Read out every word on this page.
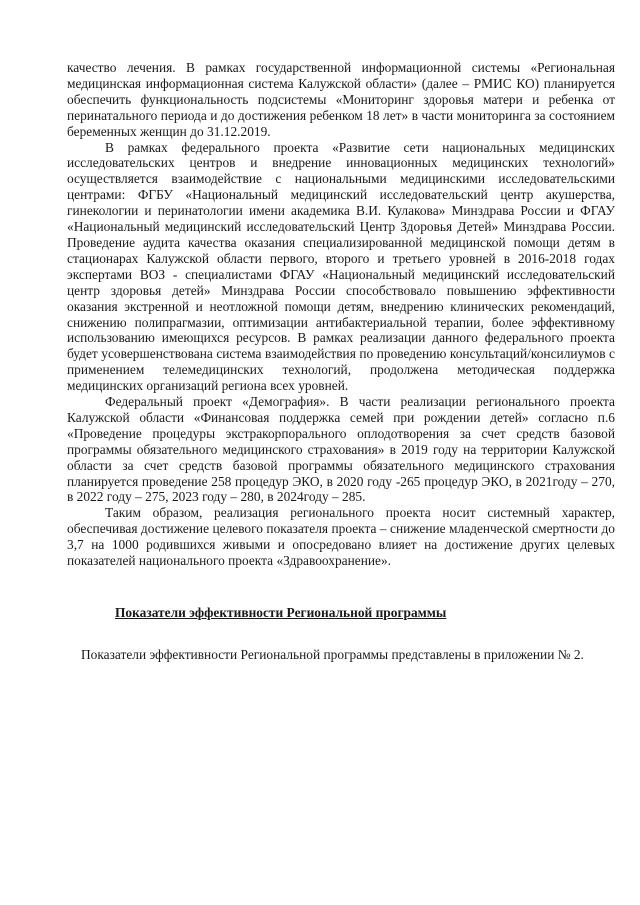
качество лечения. В рамках государственной информационной системы «Региональная медицинская информационная система Калужской области» (далее – РМИС КО) планируется обеспечить функциональность подсистемы «Мониторинг здоровья матери и ребенка от перинатального периода и до достижения ребенком 18 лет» в части мониторинга за состоянием беременных женщин до 31.12.2019.

В рамках федерального проекта «Развитие сети национальных медицинских исследовательских центров и внедрение инновационных медицинских технологий» осуществляется взаимодействие с национальными медицинскими исследовательскими центрами: ФГБУ «Национальный медицинский исследовательский центр акушерства, гинекологии и перинатологии имени академика В.И. Кулакова» Минздрава России и ФГАУ «Национальный медицинский исследовательский Центр Здоровья Детей» Минздрава России. Проведение аудита качества оказания специализированной медицинской помощи детям в стационарах Калужской области первого, второго и третьего уровней в 2016-2018 годах экспертами ВОЗ - специалистами ФГАУ «Национальный медицинский исследовательский центр здоровья детей» Минздрава России способствовало повышению эффективности оказания экстренной и неотложной помощи детям, внедрению клинических рекомендаций, снижению полипрагмазии, оптимизации антибактериальной терапии, более эффективному использованию имеющихся ресурсов. В рамках реализации данного федерального проекта будет усовершенствована система взаимодействия по проведению консультаций/консилиумов с применением телемедицинских технологий, продолжена методическая поддержка медицинских организаций региона всех уровней.

Федеральный проект «Демография». В части реализации регионального проекта Калужской области «Финансовая поддержка семей при рождении детей» согласно п.6 «Проведение процедуры экстракорпорального оплодотворения за счет средств базовой программы обязательного медицинского страхования» в 2019 году на территории Калужской области за счет средств базовой программы обязательного медицинского страхования планируется проведение 258 процедур ЭКО, в 2020 году -265 процедур ЭКО, в 2021году – 270, в 2022 году – 275, 2023 году – 280, в 2024году – 285.

Таким образом, реализация регионального проекта носит системный характер, обеспечивая достижение целевого показателя проекта – снижение младенческой смертности до 3,7 на 1000 родившихся живыми и опосредовано влияет на достижение других целевых показателей национального проекта «Здравоохранение».

Показатели эффективности Региональной программы

Показатели эффективности Региональной программы представлены в приложении № 2.
